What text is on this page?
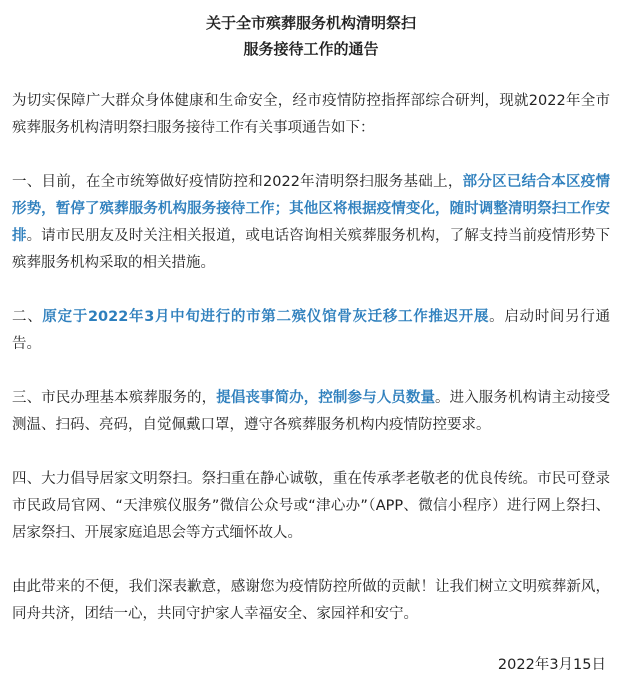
关于全市殡葬服务机构清明祭扫

服务接待工作的通告

为切实保障广大群众身体健康和生命安全，经市疫情防控指挥部综合研判，现就2022年全市殡葬服务机构清明祭扫服务接待工作有关事项通告如下：

一、目前，在全市统筹做好疫情防控和2022年清明祭扫服务基础上，部分区已结合本区疫情形势，暂停了殡葬服务机构服务接待工作；其他区将根据疫情变化，随时调整清明祭扫工作安排。请市民朋友及时关注相关报道，或电话咨询相关殡葬服务机构，了解支持当前疫情形势下殡葬服务机构采取的相关措施。

二、原定于2022年3月中旬进行的市第二殡仪馆骨灰迁移工作推迟开展。启动时间另行通告。

三、市民办理基本殡葬服务的，提倡丧事简办，控制参与人员数量。进入服务机构请主动接受测温、扫码、亮码，自觉佩戴口罩，遵守各殡葬服务机构内疫情防控要求。

四、大力倡导居家文明祭扫。祭扫重在静心诚敬，重在传承孝老敬老的优良传统。市民可登录市民政局官网、“天津殡仪服务”微信公众号或“津心办”（APP、微信小程序）进行网上祭扫、居家祭扫、开展家庭追思会等方式缅怀故人。

由此带来的不便，我们深表歉意，感谢您为疫情防控所做的贡献！让我们树立文明殡葬新风，同舟共济，团结一心，共同守护家人幸福安全、家园祥和安宁。

2022年3月15日
